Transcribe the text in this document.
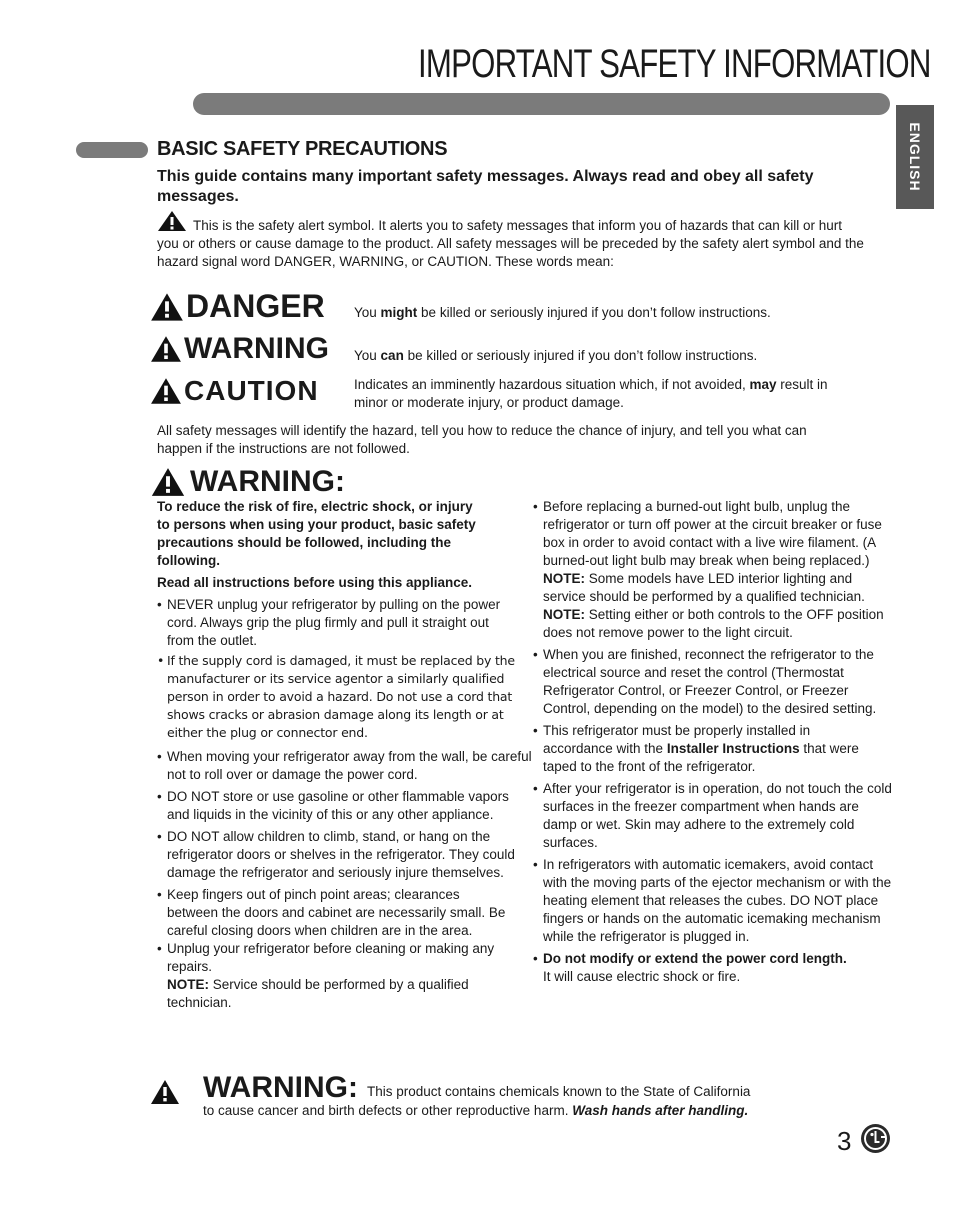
IMPORTANT SAFETY INFORMATION
ENGLISH
BASIC SAFETY PRECAUTIONS
This guide contains many important safety messages. Always read and obey all safety messages.
This is the safety alert symbol. It alerts you to safety messages that inform you of hazards that can kill or hurt you or others or cause damage to the product. All safety messages will be preceded by the safety alert symbol and the hazard signal word DANGER, WARNING, or CAUTION. These words mean:
DANGER You might be killed or seriously injured if you don’t follow instructions.
WARNING You can be killed or seriously injured if you don’t follow instructions.
CAUTION	Indicates an imminently hazardous situation which, if not avoided, may result in minor or moderate injury, or product damage.
All safety messages will identify the hazard, tell you how to reduce the chance of injury, and tell you what can happen if the instructions are not followed.
WARNING:
To reduce the risk of fire, electric shock, or injury to persons when using your product, basic safety precautions should be followed, including the following.
Read all instructions before using this appliance.
• NEVER unplug your refrigerator by pulling on the power cord. Always grip the plug firmly and pull it straight out from the outlet.
• If the supply cord is damaged, it must be replaced by the manufacturer or its service agentor a similarly qualified person in order to avoid a hazard. Do not use a cord that shows cracks or abrasion damage along its length or at either the plug or connector end.
• When moving your refrigerator away from the wall, be careful not to roll over or damage the power cord.
• DO NOT store or use gasoline or other flammable vapors and liquids in the vicinity of this or any other appliance.
• DO NOT allow children to climb, stand, or hang on the refrigerator doors or shelves in the refrigerator. They could damage the refrigerator and seriously injure themselves.
• Keep fingers out of pinch point areas; clearances between the doors and cabinet are necessarily small. Be careful closing doors when children are in the area.
• Unplug your refrigerator before cleaning or making any repairs.
NOTE: Service should be performed by a qualified technician.
• Before replacing a burned-out light bulb, unplug the refrigerator or turn off power at the circuit breaker or fuse box in order to avoid contact with a live wire filament. (A burned-out light bulb may break when being replaced.)
NOTE: Some models have LED interior lighting and service should be performed by a qualified technician.
NOTE: Setting either or both controls to the OFF position does not remove power to the light circuit.
• When you are finished, reconnect the refrigerator to the electrical source and reset the control (Thermostat Refrigerator Control, or Freezer Control, or Freezer Control, depending on the model) to the desired setting.
• This refrigerator must be properly installed in accordance with the Installer Instructions that were taped to the front of the refrigerator.
• After your refrigerator is in operation, do not touch the cold surfaces in the freezer compartment when hands are damp or wet. Skin may adhere to the extremely cold surfaces.
• In refrigerators with automatic icemakers, avoid contact with the moving parts of the ejector mechanism or with the heating element that releases the cubes. DO NOT place fingers or hands on the automatic icemaking mechanism while the refrigerator is plugged in.
• Do not modify or extend the power cord length.
It will cause electric shock or fire.
WARNING: This product contains chemicals known to the State of California
to cause cancer and birth defects or other reproductive harm. Wash hands after handling.
3
